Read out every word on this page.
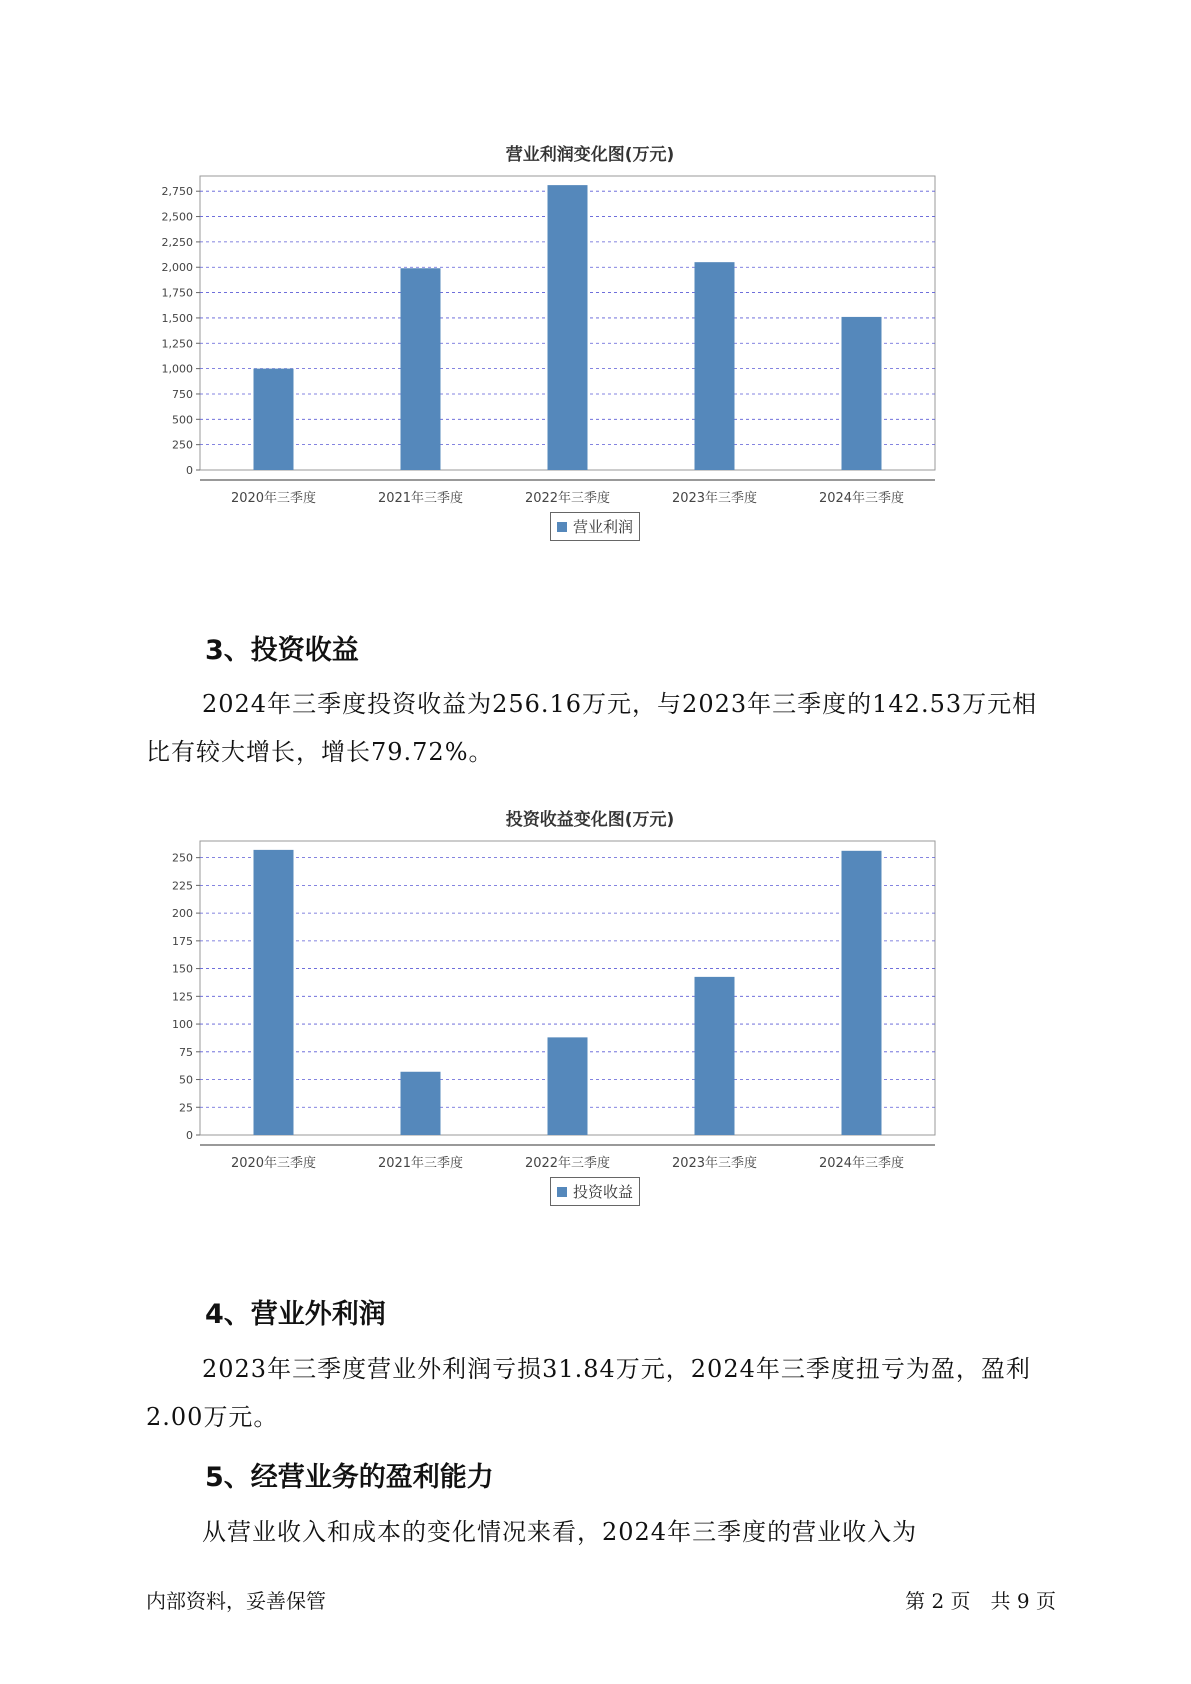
营业利润变化图(万元)
0
250
500
750
1,000
1,250
1,500
1,750
2,000
2,250
2,500
2,750
2020年三季度	2021年三季度	2022年三季度	2023年三季度	2024年三季度
营业利润
3、投资收益

2024年三季度投资收益为256.16万元，与2023年三季度的142.53万元相比有较大增长，增长79.72%。

投资收益变化图(万元)
0
25
50
75
100
125
150
175
200
225
250
2020年三季度	2021年三季度	2022年三季度	2023年三季度	2024年三季度
投资收益
4、营业外利润

2023年三季度营业外利润亏损31.84万元，2024年三季度扭亏为盈，盈利2.00万元。

5、经营业务的盈利能力

从营业收入和成本的变化情况来看，2024年三季度的营业收入为

内部资料，妥善保管	第 2 页　共 9 页
